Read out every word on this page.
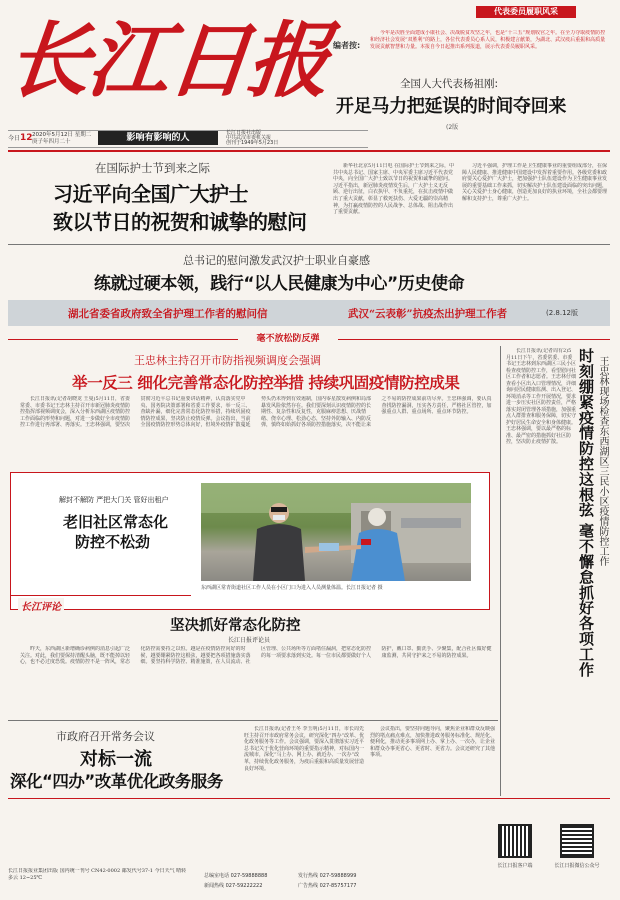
长江日报
今日12 2020年5月12日 星期二
庚子年四月二十	影响有影响的人	长江日报社出版
中共武汉市委机关报
创刊于1949年5月23日
代表委员履职风采
编者按:

今年是决胜全面建成小康社会、决战脱贫攻坚之年，也是“十三五”规划收官之年。在全力夺取疫情防控和经济社会发展“双胜利”的路上，各位代表委员心系人民，积极建言献策，为湖北、武汉疫后重振和高质量发展贡献智慧和力量。本报自今日起推出系列报道，展示代表委员履职风采。

全国人大代表杨祖刚:
开足马力把延误的时间夺回来
(2版
在国际护士节到来之际
习近平向全国广大护士
致以节日的祝贺和诚挚的慰问

新华社北京5月11日电 在国际护士节到来之际，中共中央总书记、国家主席、中央军委主席习近平代表党中央，向全国广大护士致以节日的祝贺和诚挚的慰问。习近平指出，新冠肺炎疫情发生后，广大护士义无反顾、逆行出征，白衣执甲、不负重托，在抗击疫情中做出了重大贡献，彰显了救死扶伤、大爱无疆的崇高精神，为打赢疫情防控的人民战争、总体战、阻击战作出了重要贡献。

习近平强调，护理工作是卫生健康事业的重要组成部分，在保障人民健康、推进健康中国建设中发挥着重要作用。各级党委和政府要关心爱护广大护士，把加强护士队伍建设作为卫生健康事业发展的重要基础工作来抓，切实解决护士队伍建设面临的突出问题，关心关爱护士身心健康，创造更加良好的执业环境，全社会都要理解和支持护士，尊重广大护士。

总书记的慰问激发武汉护士职业自豪感
练就过硬本领，践行“以人民健康为中心”历史使命
湖北省委省政府致全省护理工作者的慰问信	武汉“云表彰”抗疫杰出护理工作者	(2.8.12版
毫不放松防反弹
王忠林主持召开市防指视频调度会强调
举一反三 细化完善常态化防控举措 持续巩固疫情防控成果

长江日报讯(记者胡晓龙 王曼)5月11日，省委常委、市委书记王忠林主持召开市新冠肺炎疫情防控指挥部视频调度会，深入分析东西湖区疫情防控工作面临的形势和问题，对进一步做好全市疫情防控工作进行再部署、再落实。王忠林强调，要坚决贯彻习近平总书记重要讲话精神，认真落实党中央、国务院决策部署和省委工作要求，举一反三、查缺补漏，细化完善常态化防控举措，持续巩固疫情防控成果，坚决防止疫情反弹。会议指出，当前全国疫情防控形势总体向好，但境外疫情扩散蔓延势头仍未得到有效遏制，国内零星散发病例和局部暴发风险依然存在。我们要深刻认识疫情防控的长期性、复杂性和反复性，克服麻痹思想、厌战情绪、侥幸心理、松劲心态，坚持外防输入、内防反弹，慎终如始抓好各项防控措施落实，决不能让来之不易的防控成果前功尽弃。王忠林强调，要认真查找防控漏洞，压实各方责任，严格社区管控，加强重点人群、重点场所、重点环节防控。

解封不解防 严把大门关 管好出租户
老旧社区常态化
防控不松劲
东西湖区常青街道社区工作人员在小区门口为进入人员测量体温。长江日报记者 摄
长江评论
坚决抓好常态化防控
长江日报评论员

昨天，东西湖区新增确诊病例的消息引起广泛关注。对此，我们要保持清醒头脑，既不能掉以轻心，也不必过度恐慌。疫情防控不是一阵风，常态化防控需要持之以恒。越是在疫情防控向好的时候，越要绷紧防控这根弦，越要把各项措施落实落细。要坚持科学防控、精准施策，在人员流动、社区管理、公共场所等方面堵住漏洞，把常态化防控的每一项要求落到实处。每一位市民都要做好个人防护，戴口罩、勤洗手、少聚集，配合社区做好健康监测，共同守护来之不易的防控成果。

长江日报讯(记者周有2)5月11日下午，省委常委、市委书记王忠林到东西湖区三民小区检查疫情防控工作，看望慰问社区工作者和志愿者。王忠林仔细查看小区出入口管理情况，详细询问居民健康监测、出入登记、环境消杀等工作开展情况，要求进一步压实社区防控责任，严格落实封闭管理各项措施，加强重点人群排查和服务保障，切实守护好居民生命安全和身体健康。王忠林强调，要以最严格的标准、最严密的措施抓好社区防控，坚决防止疫情扩散。	时刻绷紧疫情防控这根弦 毫不懈怠抓好各项工作 王忠林现场检查东西湖区三民小区疫情防控工作
市政府召开常务会议
对标一流
深化“四办”改革优化政务服务

长江日报讯(记者王冬 李玉明)5月11日，市长周先旺主持召开市政府常务会议，研究深化“四办”改革、优化政务服务等工作。会议强调，要深入贯彻落实习近平总书记关于优化营商环境的重要指示精神，对标国内一流城市，深化“马上办、网上办、就近办、一次办”改革，持续优化政务服务，为疫后重振和高质量发展营造良好环境。

会议指出，要坚持问题导向，聚焦企业和群众反映强烈的堵点痛点难点，加快推进政务服务标准化、规范化、便利化，推动更多事项网上办、掌上办、一次办，让企业和群众办事更省心、更省时、更省力。会议还研究了其他事项。

长江日报报业集团出版 国内统一刊号 CN42-0002 邮发代号37-1 今日天气 晴转多云 12~25℃	总编室电话 027-59888888
新闻热线 027-59222222
发行热线 027-59888999
广告热线 027-85757177
长江日报客户端	长江日报微信公众号
